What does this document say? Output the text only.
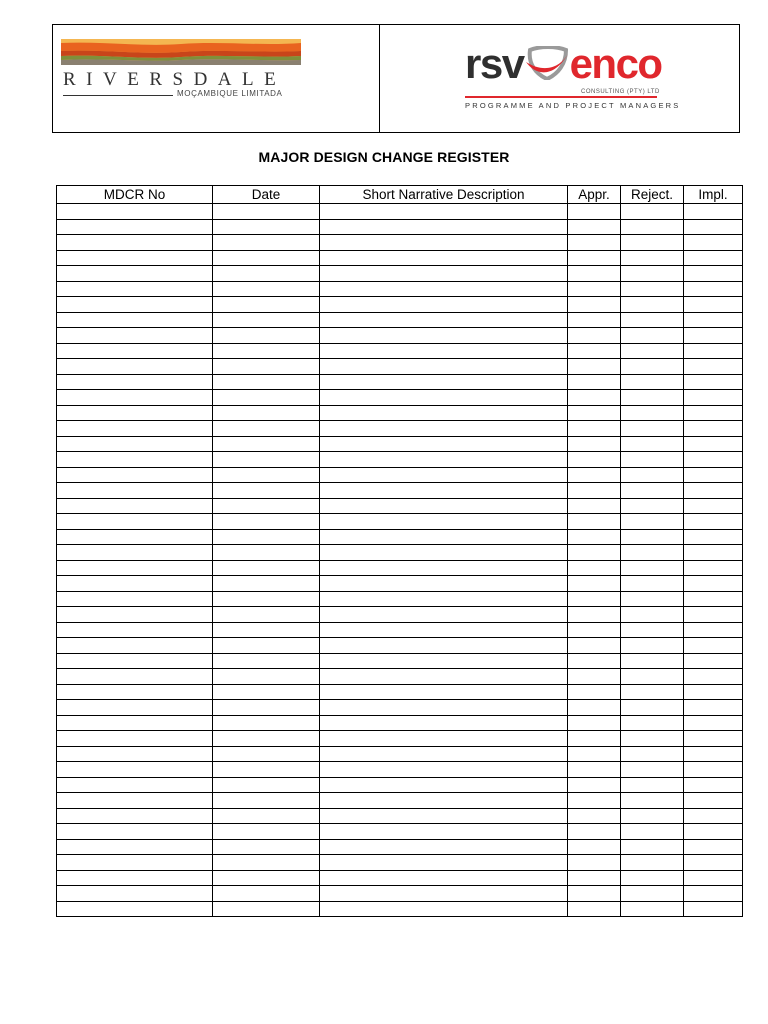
RIVERSDALE
MOÇAMBIQUE LIMITADA
rsv enco
CONSULTING (PTY) LTD
PROGRAMME AND PROJECT MANAGERS
MAJOR DESIGN CHANGE REGISTER
MDCR No	Date	Short Narrative Description	Appr.	Reject.	Impl.
